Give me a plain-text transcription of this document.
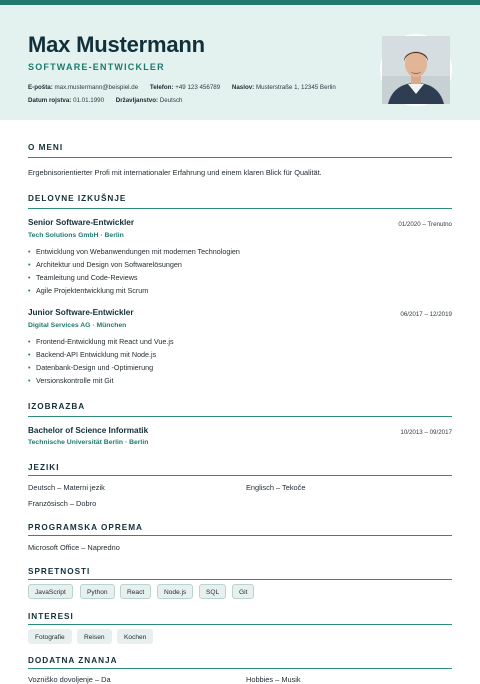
Max Mustermann
SOFTWARE-ENTWICKLER
E-pošta: max.mustermann@beispiel.de Telefon: +49 123 456789 Naslov: Musterstraße 1, 12345 Berlin
Datum rojstva: 01.01.1990 Državljanstvo: Deutsch
O MENI
Ergebnisorientierter Profi mit internationaler Erfahrung und einem klaren Blick für Qualität.
DELOVNE IZKUŠNJE
Senior Software-Entwickler	01/2020 – Trenutno
Tech Solutions GmbH · Berlin
• Entwicklung von Webanwendungen mit modernen Technologien
• Architektur und Design von Softwarelösungen
• Teamleitung und Code-Reviews
• Agile Projektentwicklung mit Scrum
Junior Software-Entwickler	06/2017 – 12/2019
Digital Services AG · München
• Frontend-Entwicklung mit React und Vue.js
• Backend-API Entwicklung mit Node.js
• Datenbank-Design und -Optimierung
• Versionskontrolle mit Git
IZOBRAZBA
Bachelor of Science Informatik	10/2013 – 09/2017
Technische Universität Berlin · Berlin
JEZIKI
Deutsch – Materni jezik	Englisch – Tekoče
Französisch – Dobro
PROGRAMSKA OPREMA
Microsoft Office – Napredno
SPRETNOSTI
JavaScript	Python	React	Node.js	SQL	Git
INTERESI
Fotografie	Reisen	Kochen
DODATNA ZNANJA
Vozniško dovoljenje – Da	Hobbies – Musik
